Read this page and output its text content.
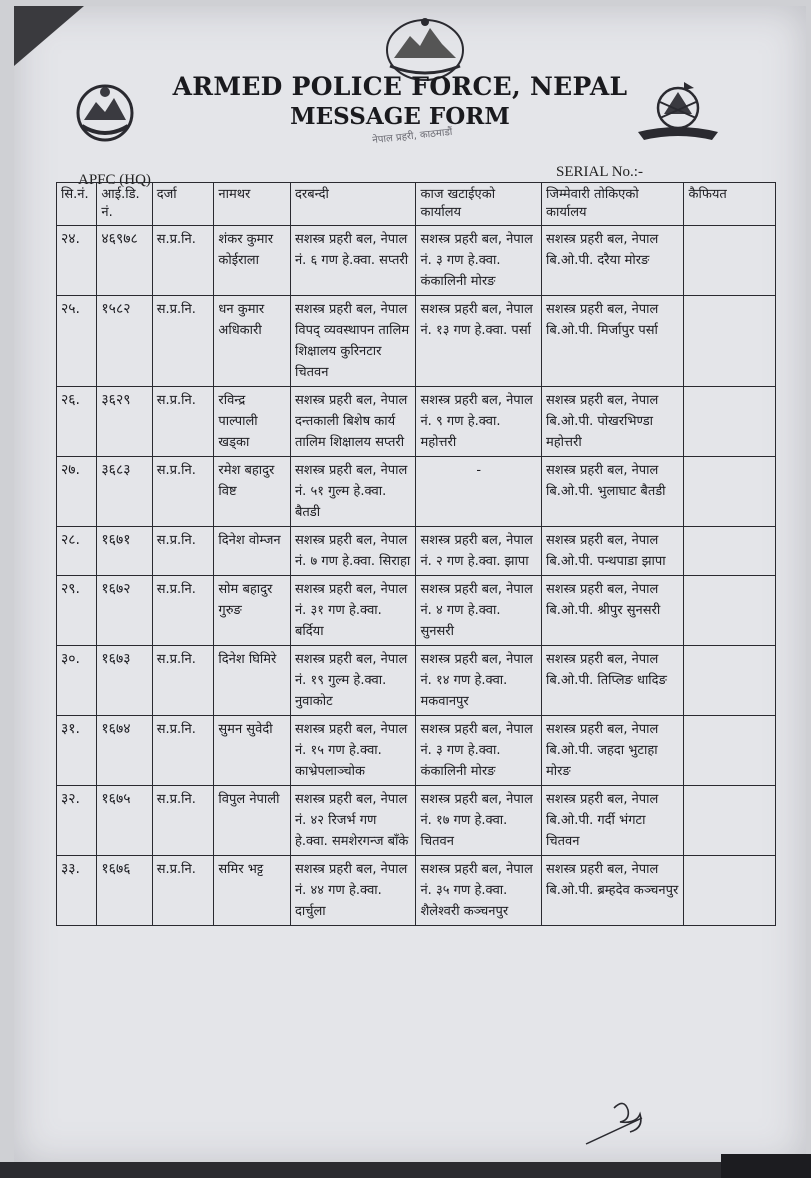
ARMED POLICE FORCE, NEPAL
MESSAGE FORM
नेपाल प्रहरी, काठमाडौं
APFC (HQ)	SERIAL No.:-
सि.नं.	आई.डि. नं.	दर्जा	नामथर	दरबन्दी	काज खटाईएको कार्यालय	जिम्मेवारी तोकिएको कार्यालय	कैफियत
२४.	४६९७८	स.प्र.नि.	शंकर कुमार कोईराला	सशस्त्र प्रहरी बल, नेपाल नं. ६ गण हे.क्वा. सप्तरी	सशस्त्र प्रहरी बल, नेपाल नं. ३ गण हे.क्वा. कंकालिनी मोरङ	सशस्त्र प्रहरी बल, नेपाल बि.ओ.पी. दरैया मोरङ	
२५.	१५८२	स.प्र.नि.	धन कुमार अधिकारी	सशस्त्र प्रहरी बल, नेपाल विपद् व्यवस्थापन तालिम शिक्षालय कुरिनटार चितवन	सशस्त्र प्रहरी बल, नेपाल नं. १३ गण हे.क्वा. पर्सा	सशस्त्र प्रहरी बल, नेपाल बि.ओ.पी. मिर्जापुर पर्सा	
२६.	३६२९	स.प्र.नि.	रविन्द्र पाल्पाली खड्का	सशस्त्र प्रहरी बल, नेपाल दन्तकाली बिशेष कार्य तालिम शिक्षालय सप्तरी	सशस्त्र प्रहरी बल, नेपाल नं. ९ गण हे.क्वा. महोत्तरी	सशस्त्र प्रहरी बल, नेपाल बि.ओ.पी. पोखरभिण्डा महोत्तरी	
२७.	३६८३	स.प्र.नि.	रमेश बहादुर विष्ट	सशस्त्र प्रहरी बल, नेपाल नं. ५१ गुल्म हे.क्वा. बैतडी	-	सशस्त्र प्रहरी बल, नेपाल बि.ओ.पी. भुलाघाट बैतडी	
२८.	१६७१	स.प्र.नि.	दिनेश वोम्जन	सशस्त्र प्रहरी बल, नेपाल नं. ७ गण हे.क्वा. सिराहा	सशस्त्र प्रहरी बल, नेपाल नं. २ गण हे.क्वा. झापा	सशस्त्र प्रहरी बल, नेपाल बि.ओ.पी. पन्थपाडा झापा	
२९.	१६७२	स.प्र.नि.	सोम बहादुर गुरुङ	सशस्त्र प्रहरी बल, नेपाल नं. ३१ गण हे.क्वा. बर्दिया	सशस्त्र प्रहरी बल, नेपाल नं. ४ गण हे.क्वा. सुनसरी	सशस्त्र प्रहरी बल, नेपाल बि.ओ.पी. श्रीपुर सुनसरी	
३०.	१६७३	स.प्र.नि.	दिनेश घिमिरे	सशस्त्र प्रहरी बल, नेपाल नं. १९ गुल्म हे.क्वा. नुवाकोट	सशस्त्र प्रहरी बल, नेपाल नं. १४ गण हे.क्वा. मकवानपुर	सशस्त्र प्रहरी बल, नेपाल बि.ओ.पी. तिप्लिङ धादिङ	
३१.	१६७४	स.प्र.नि.	सुमन सुवेदी	सशस्त्र प्रहरी बल, नेपाल नं. १५ गण हे.क्वा. काभ्रेपलाञ्चोक	सशस्त्र प्रहरी बल, नेपाल नं. ३ गण हे.क्वा. कंकालिनी मोरङ	सशस्त्र प्रहरी बल, नेपाल बि.ओ.पी. जहदा भुटाहा मोरङ	
३२.	१६७५	स.प्र.नि.	विपुल नेपाली	सशस्त्र प्रहरी बल, नेपाल नं. ४२ रिजर्भ गण हे.क्वा. समशेरगन्ज बाँके	सशस्त्र प्रहरी बल, नेपाल नं. १७ गण हे.क्वा. चितवन	सशस्त्र प्रहरी बल, नेपाल बि.ओ.पी. गर्दी भंगटा चितवन	
३३.	१६७६	स.प्र.नि.	समिर भट्ट	सशस्त्र प्रहरी बल, नेपाल नं. ४४ गण हे.क्वा. दार्चुला	सशस्त्र प्रहरी बल, नेपाल नं. ३५ गण हे.क्वा. शैलेश्वरी कञ्चनपुर	सशस्त्र प्रहरी बल, नेपाल बि.ओ.पी. ब्रम्हदेव कञ्चनपुर	
